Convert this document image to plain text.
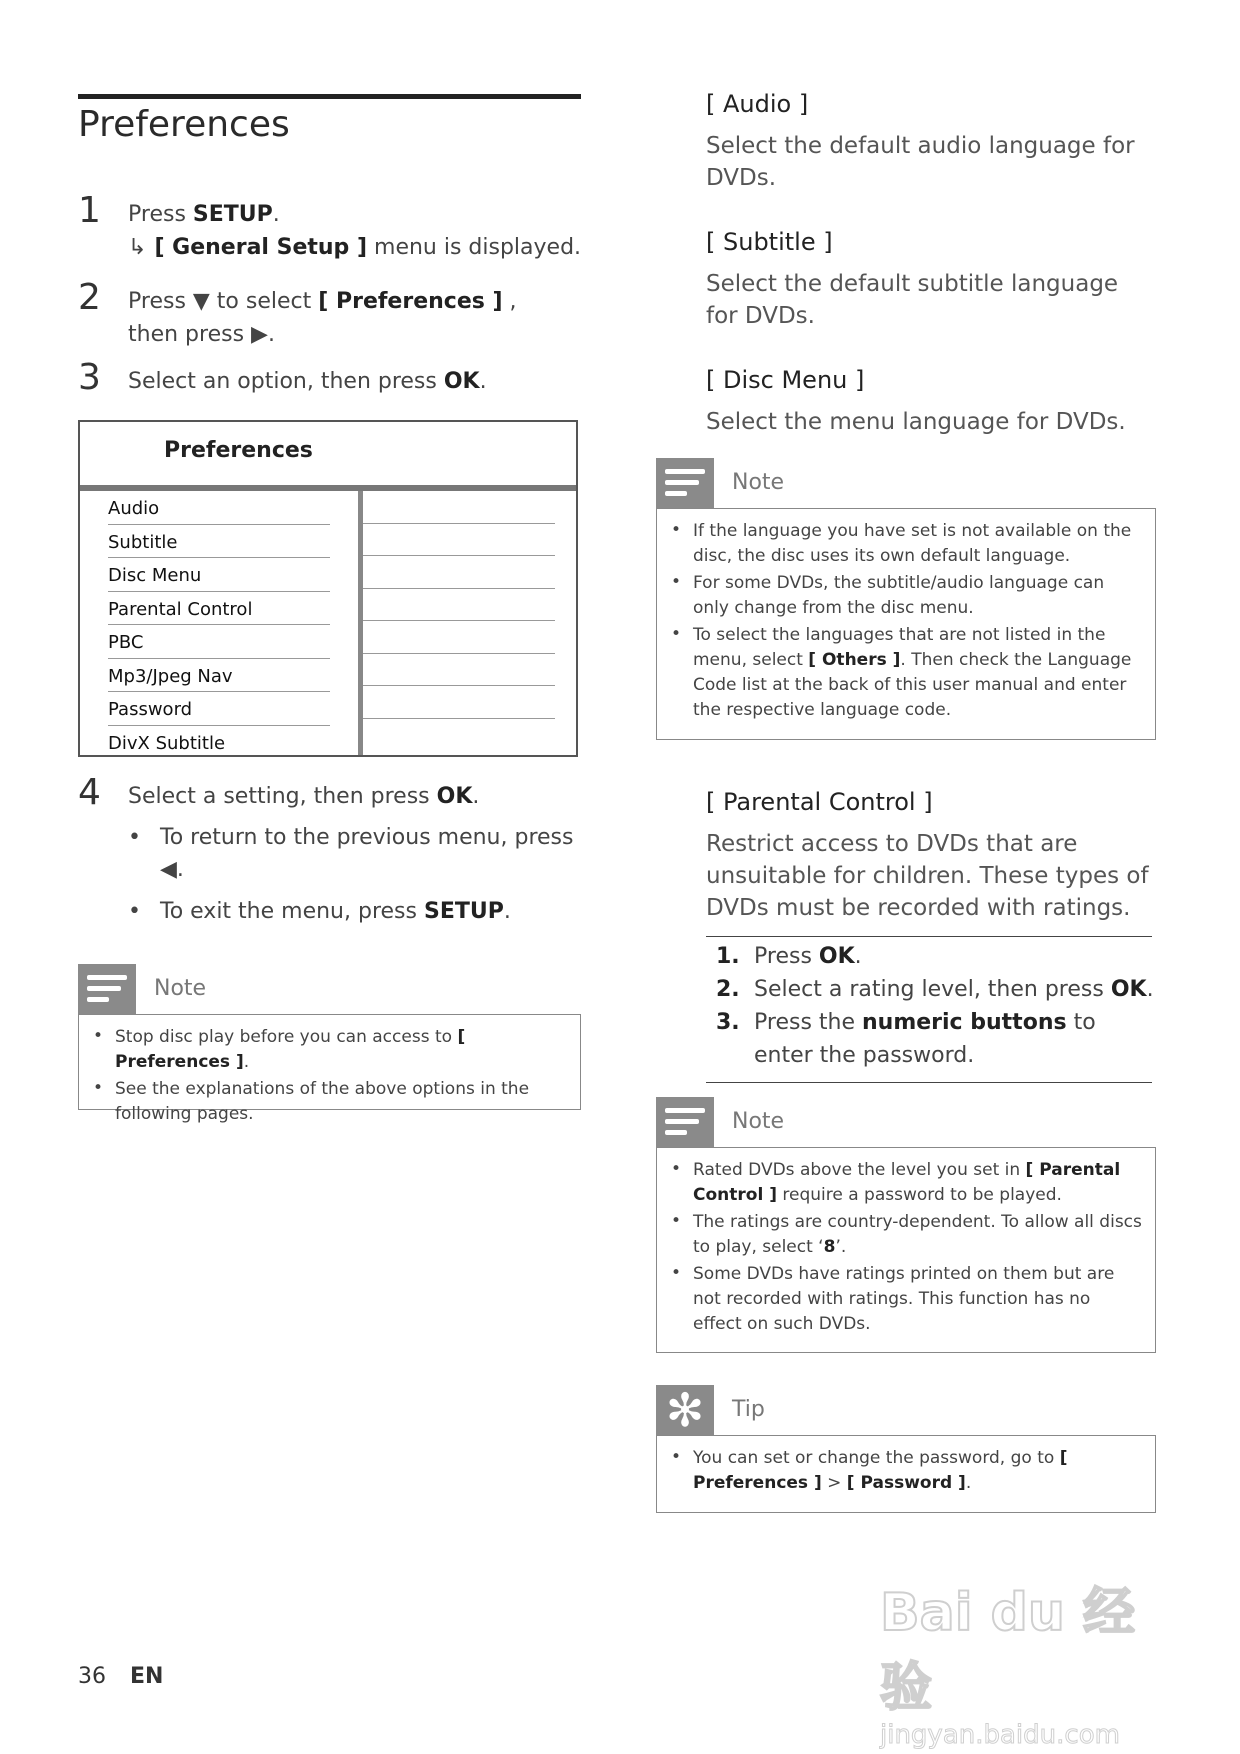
Preferences
1 Press SETUP.
↳ [ General Setup ] menu is displayed.
2 Press ▼ to select [ Preferences ] , then press ▶.
3 Select an option, then press OK.
Preferences
Audio
Subtitle
Disc Menu
Parental Control
PBC
Mp3/Jpeg Nav
Password
DivX Subtitle
4 Select a setting, then press OK.
• To return to the previous menu, press ◀.
• To exit the menu, press SETUP.
Note
• Stop disc play before you can access to [ Preferences ].
• See the explanations of the above options in the following pages.
[ Audio ]
Select the default audio language for DVDs.
[ Subtitle ]
Select the default subtitle language for DVDs.
[ Disc Menu ]
Select the menu language for DVDs.
Note
• If the language you have set is not available on the disc, the disc uses its own default language.
• For some DVDs, the subtitle/audio language can only change from the disc menu.
• To select the languages that are not listed in the menu, select [ Others ]. Then check the Language Code list at the back of this user manual and enter the respective language code.
[ Parental Control ]
Restrict access to DVDs that are unsuitable for children. These types of DVDs must be recorded with ratings.
1. Press OK.
2. Select a rating level, then press OK.
3. Press the numeric buttons to enter the password.
Note
• Rated DVDs above the level you set in [ Parental Control ] require a password to be played.
• The ratings are country-dependent. To allow all discs to play, select ‘8’.
• Some DVDs have ratings printed on them but are not recorded with ratings. This function has no effect on such DVDs.
✻	Tip
• You can set or change the password, go to [ Preferences ] > [ Password ].
36 EN
Bai du 经验
jingyan.baidu.com
